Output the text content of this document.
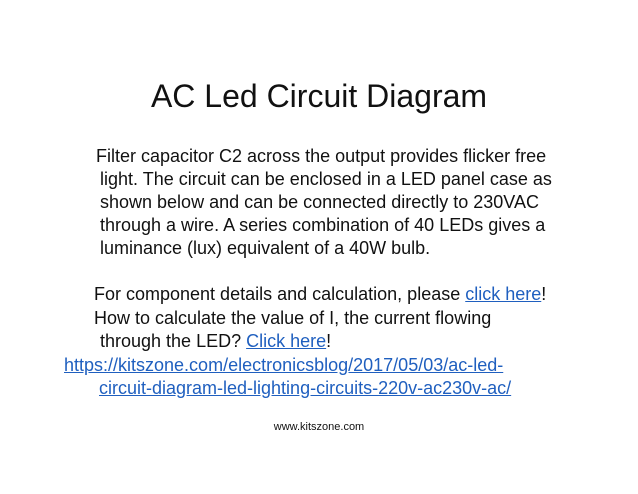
AC Led Circuit Diagram
Filter capacitor C2 across the output provides flicker free
light. The circuit can be enclosed in a LED panel case as
shown below and can be connected directly to 230VAC
through a wire. A series combination of 40 LEDs gives a
luminance (lux) equivalent of a 40W bulb.
For component details and calculation, please click here!
How to calculate the value of I, the current flowing
through the LED? Click here!
https://kitszone.com/electronicsblog/2017/05/03/ac-led-
circuit-diagram-led-lighting-circuits-220v-ac230v-ac/
www.kitszone.com
